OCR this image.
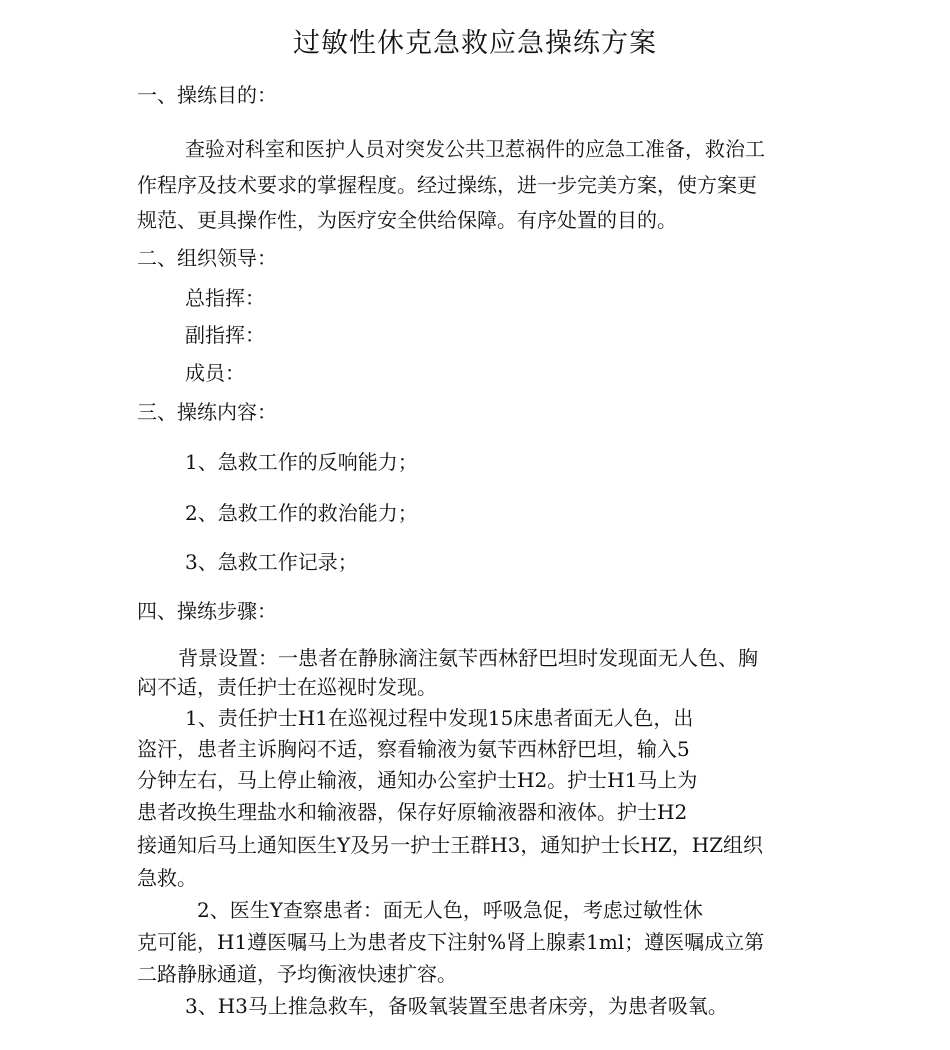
过敏性休克急救应急操练方案
一、操练目的：
查验对科室和医护人员对突发公共卫惹祸件的应急工准备，救治工
作程序及技术要求的掌握程度。经过操练，进一步完美方案，使方案更
规范、更具操作性，为医疗安全供给保障。有序处置的目的。
二、组织领导：
总指挥：
副指挥：
成员：
三、操练内容：
1、急救工作的反响能力；
2、急救工作的救治能力；
3、急救工作记录；
四、操练步骤：
背景设置：一患者在静脉滴注氨苄西林舒巴坦时发现面无人色、胸
闷不适，责任护士在巡视时发现。
1、责任护士H1在巡视过程中发现15床患者面无人色，出
盗汗，患者主诉胸闷不适，察看输液为氨苄西林舒巴坦，输入5
分钟左右，马上停止输液，通知办公室护士H2。护士H1马上为
患者改换生理盐水和输液器，保存好原输液器和液体。护士H2
接通知后马上通知医生Y及另一护士王群H3，通知护士长HZ，HZ组织
急救。
2、医生Y查察患者：面无人色，呼吸急促，考虑过敏性休
克可能，H1遵医嘱马上为患者皮下注射%肾上腺素1ml；遵医嘱成立第
二路静脉通道，予均衡液快速扩容。
3、H3马上推急救车，备吸氧装置至患者床旁，为患者吸氧。
